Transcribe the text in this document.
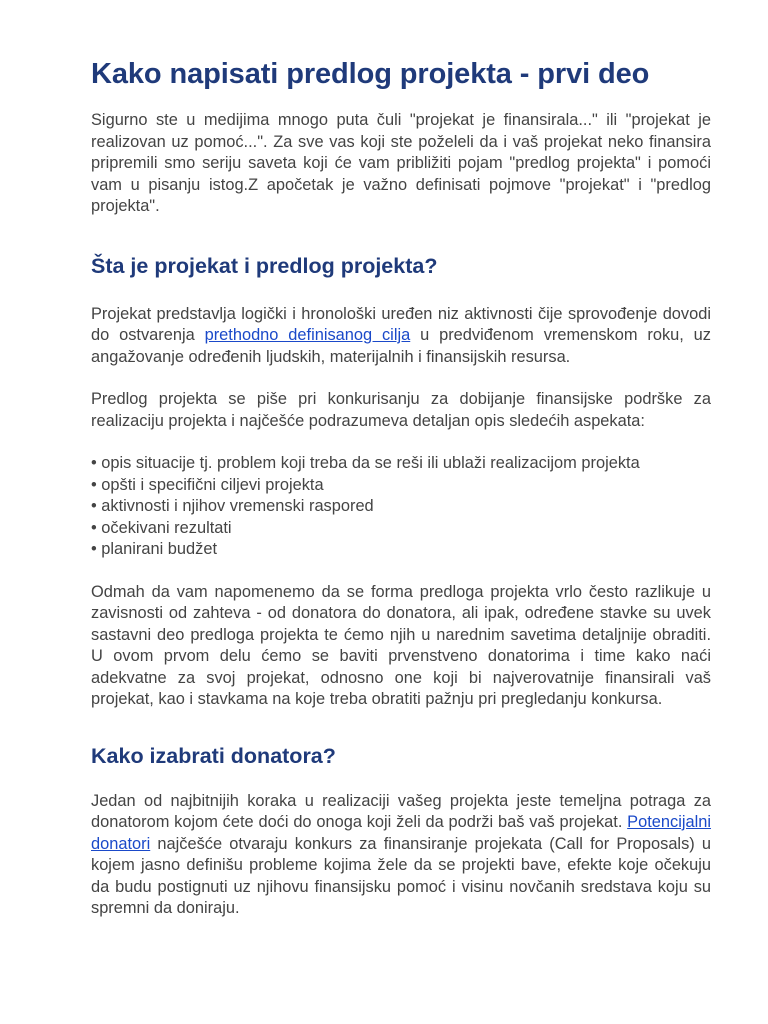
Kako napisati predlog projekta - prvi deo

Sigurno ste u medijima mnogo puta čuli "projekat je finansirala..." ili "projekat je realizovan uz pomoć...". Za sve vas koji ste poželeli da i vaš projekat neko finansira pripremili smo seriju saveta koji će vam približiti pojam "predlog projekta" i pomoći vam u pisanju istog.Z apočetak je važno definisati pojmove "projekat" i "predlog projekta".

Šta je projekat i predlog projekta?

Projekat predstavlja logički i hronološki uređen niz aktivnosti čije sprovođenje dovodi do ostvarenja prethodno definisanog cilja u predviđenom vremenskom roku, uz angažovanje određenih ljudskih, materijalnih i finansijskih resursa.

Predlog projekta se piše pri konkurisanju za dobijanje finansijske podrške za realizaciju projekta i najčešće podrazumeva detaljan opis sledećih aspekata:

• opis situacije tj. problem koji treba da se reši ili ublaži realizacijom projekta
• opšti i specifični ciljevi projekta
• aktivnosti i njihov vremenski raspored
• očekivani rezultati
• planirani budžet

Odmah da vam napomenemo da se forma predloga projekta vrlo često razlikuje u zavisnosti od zahteva - od donatora do donatora, ali ipak, određene stavke su uvek sastavni deo predloga projekta te ćemo njih u narednim savetima detaljnije obraditi. U ovom prvom delu ćemo se baviti prvenstveno donatorima i time kako naći adekvatne za svoj projekat, odnosno one koji bi najverovatnije finansirali vaš projekat, kao i stavkama na koje treba obratiti pažnju pri pregledanju konkursa.

Kako izabrati donatora?

Jedan od najbitnijih koraka u realizaciji vašeg projekta jeste temeljna potraga za donatorom kojom ćete doći do onoga koji želi da podrži baš vaš projekat. Potencijalni donatori najčešće otvaraju konkurs za finansiranje projekata (Call for Proposals) u kojem jasno definišu probleme kojima žele da se projekti bave, efekte koje očekuju da budu postignuti uz njihovu finansijsku pomoć i visinu novčanih sredstava koju su spremni da doniraju.
